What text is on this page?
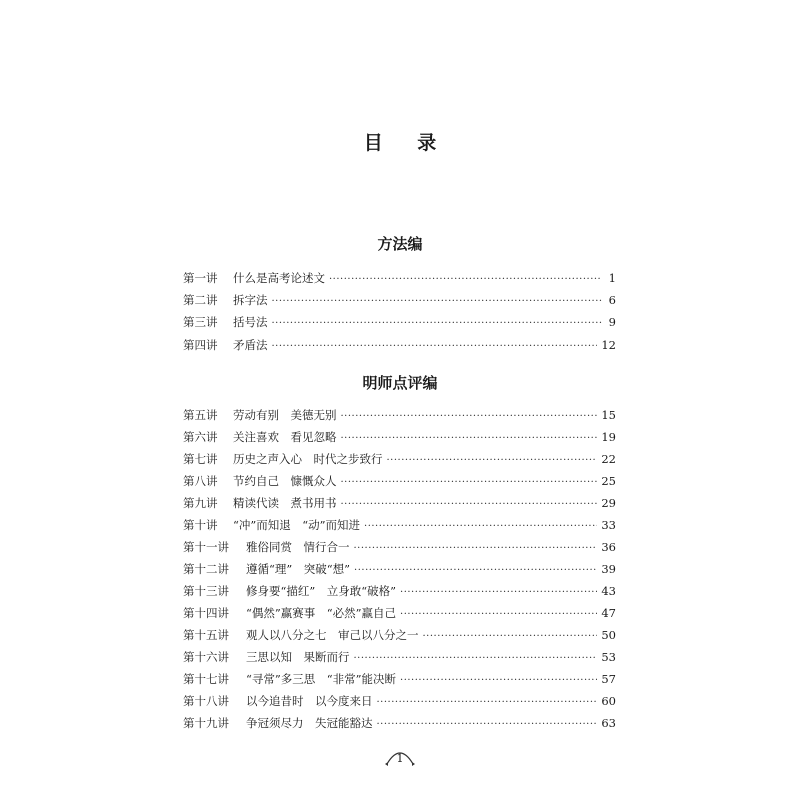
目 录
方法编
第一讲	什么是高考论述文 ·····	1
第二讲	拆字法 ·····	6
第三讲	括号法 ·····	9
第四讲	矛盾法 ·····	12
明师点评编
第五讲	劳动有别　美德无别 ·····	15
第六讲	关注喜欢　看见忽略 ·····	19
第七讲	历史之声入心　时代之步致行 ·····	22
第八讲	节约自己　慷慨众人 ·····	25
第九讲	精读代读　煮书用书 ·····	29
第十讲	“冲”而知退　“动”而知进 ·····	33
第十一讲	雅俗同赏　情行合一 ·····	36
第十二讲	遵循“理”　突破“想” ·····	39
第十三讲	修身要“描红”　立身敢“破格” ·····	43
第十四讲	“偶然”赢赛事　“必然”赢自己 ·····	47
第十五讲	观人以八分之七　审己以八分之一 ·····	50
第十六讲	三思以知　果断而行 ·····	53
第十七讲	“寻常”多三思　“非常”能决断 ·····	57
第十八讲	以今追昔时　以今度来日 ·····	60
第十九讲	争冠须尽力　失冠能豁达 ·····	63
1
